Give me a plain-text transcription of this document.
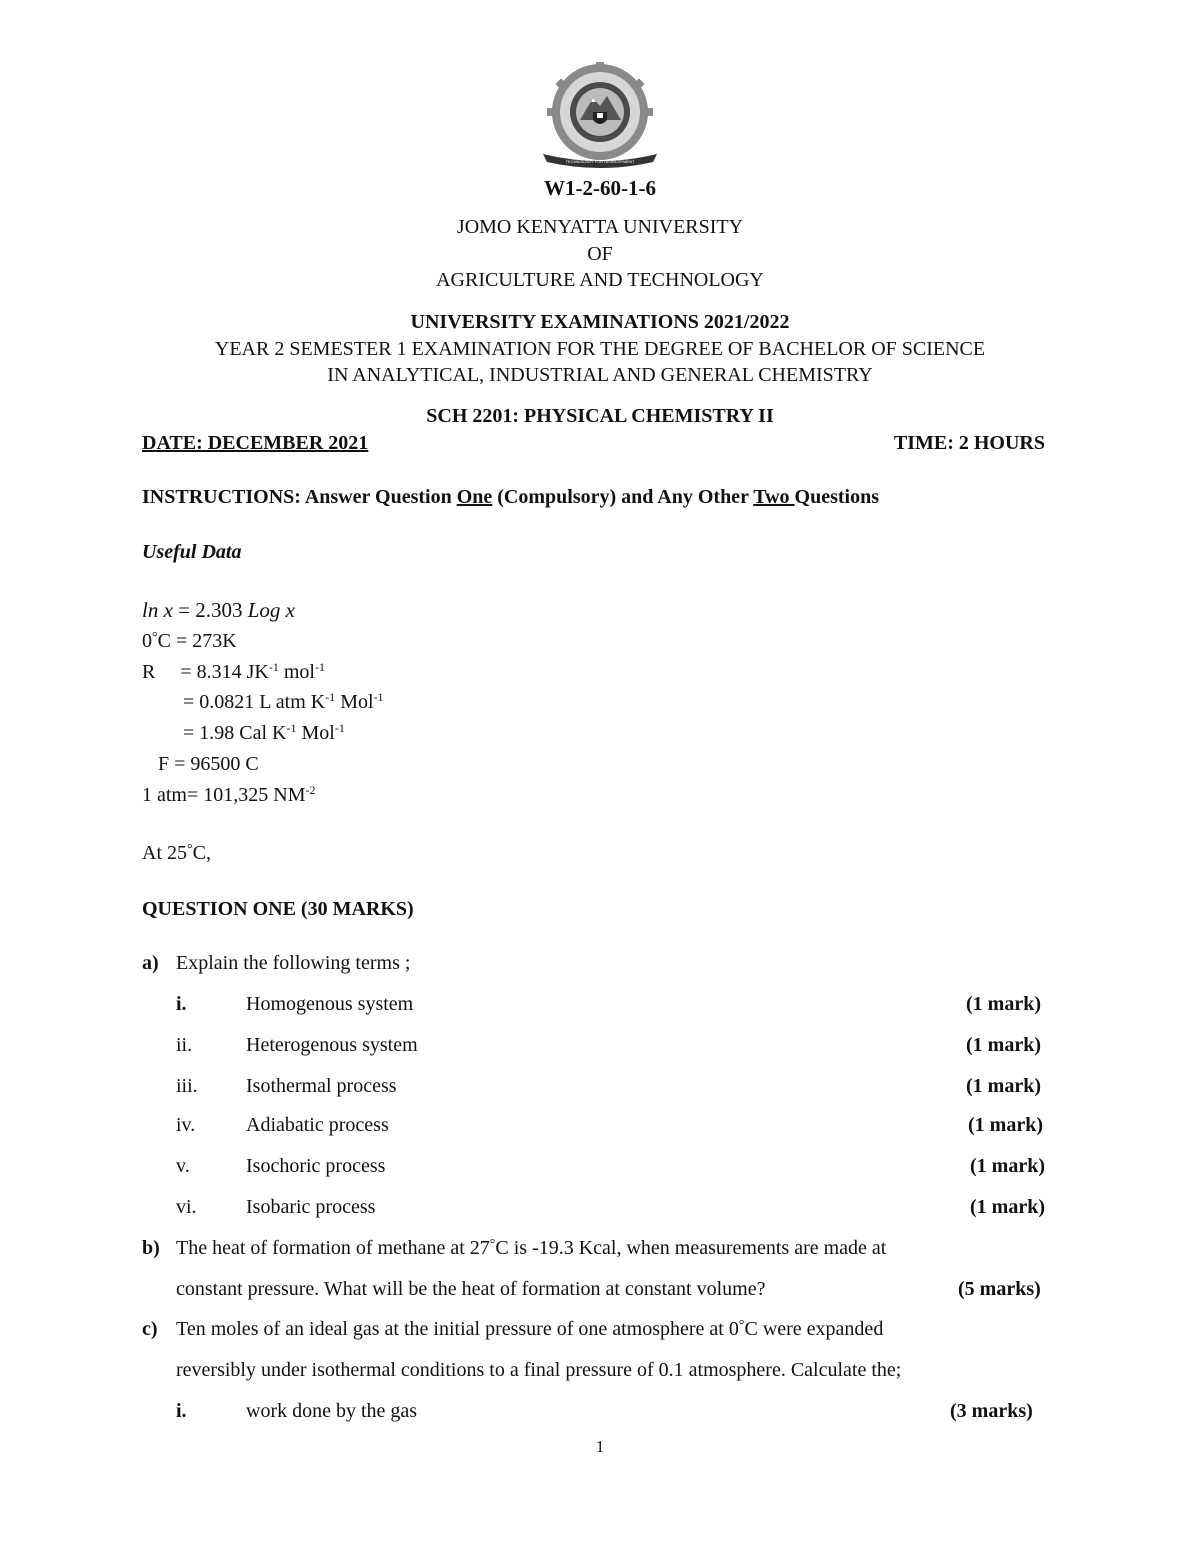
TECHNOLOGY FOR DEVELOPMENT
W1-2-60-1-6
JOMO KENYATTA UNIVERSITY
OF
AGRICULTURE AND TECHNOLOGY
UNIVERSITY EXAMINATIONS 2021/2022
YEAR 2 SEMESTER 1 EXAMINATION FOR THE DEGREE OF BACHELOR OF SCIENCE
IN ANALYTICAL, INDUSTRIAL AND GENERAL CHEMISTRY
SCH 2201: PHYSICAL CHEMISTRY II
DATE: DECEMBER 2021	TIME: 2 HOURS
INSTRUCTIONS: Answer Question One (Compulsory) and Any Other Two Questions
Useful Data
ln x = 2.303 Log x
0°C = 273K
R     = 8.314 $JK^{-1}$ mol$^{-1}$
= 0.0821 L atm $K^{-1}$ Mol$^{-1}$
= 1.98 Cal $K^{-1}$ Mol$^{-1}$
F = 96500 C
1 atm= 101,325 $NM^{-2}$
At 25°C,
QUESTION ONE (30 MARKS)
a) Explain the following terms ;
i.	Homogenous system	(1 mark)
ii.	Heterogenous system	(1 mark)
iii. Isothermal process	(1 mark)
iv.	Adiabatic process	(1 mark)
v.	Isochoric process	(1 mark)
vi. Isobaric process	(1 mark)
b) The heat of formation of methane at 27°C is -19.3 Kcal, when measurements are made at
constant pressure. What will be the heat of formation at constant volume?	(5 marks)
c) Ten moles of an ideal gas at the initial pressure of one atmosphere at 0°C were expanded
reversibly under isothermal conditions to a final pressure of 0.1 atmosphere. Calculate the;
i.	work done by the gas	(3 marks)
1
